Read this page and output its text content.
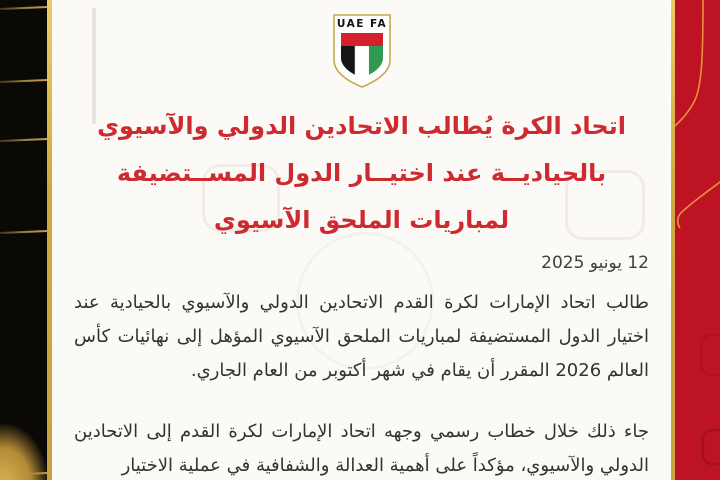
UAE FA
اتحاد الكرة يُطالب الاتحادين الدولي والآسيوي
بالحياديــة عند اختيــار الدول المســتضيفة
لمباريات الملحق الآسيوي
12 يونيو 2025

طالب اتحاد الإمارات لكرة القدم الاتحادين الدولي والآسيوي بالحيادية عند اختيار الدول المستضيفة لمباريات الملحق الآسيوي المؤهل إلى نهائيات كأس العالم 2026 المقرر أن يقام في شهر أكتوبر من العام الجاري.

جاء ذلك خلال خطاب رسمي وجهه اتحاد الإمارات لكرة القدم إلى الاتحادين الدولي والآسيوي، مؤكداً على أهمية العدالة والشفافية في عملية الاختيار
